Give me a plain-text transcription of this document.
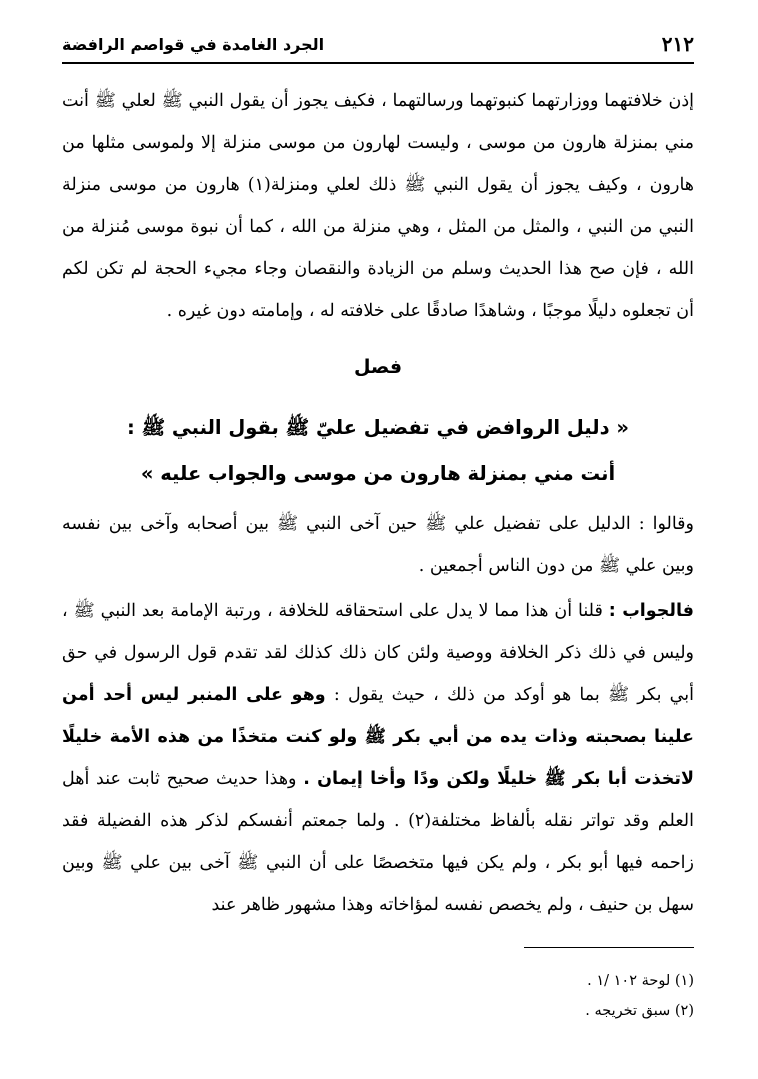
٢١٢
الجرد الغامدة في قواصم الرافضة
إذن خلافتهما ووزارتهما كنبوتهما ورسالتهما ، فكيف يجوز أن يقول النبي ﷺ لعلي ﷺ أنت مني بمنزلة هارون من موسى ، وليست لهارون من موسى منزلة إلا ولموسى مثلها من هارون ، وكيف يجوز أن يقول النبي ﷺ ذلك لعلي ومنزلة(١) هارون من موسى منزلة النبي من النبي ، والمثل من المثل ، وهي منزلة من الله ، كما أن نبوة موسى مُنزلة من الله ، فإن صح هذا الحديث وسلم من الزيادة والنقصان وجاء مجيء الحجة لم تكن لكم أن تجعلوه دليلًا موجبًا ، وشاهدًا صادقًا على خلافته له ، وإمامته دون غيره .
فصل
« دليل الروافض في تفضيل عليّ ﷺ بقول النبي ﷺ :
أنت مني بمنزلة هارون من موسى والجواب عليه »
وقالوا : الدليل على تفضيل علي ﷺ حين آخى النبي ﷺ بين أصحابه وآخى بين نفسه وبين علي ﷺ من دون الناس أجمعين .
فالجواب : قلنا أن هذا مما لا يدل على استحقاقه للخلافة ، ورتبة الإمامة بعد النبي ﷺ ، وليس في ذلك ذكر الخلافة ووصية ولئن كان ذلك كذلك لقد تقدم قول الرسول في حق أبي بكر ﷺ بما هو أوكد من ذلك ، حيث يقول : وهو على المنبر ليس أحد أمن علينا بصحبته وذات يده من أبي بكر ﷺ ولو كنت متخذًا من هذه الأمة خليلًا لاتخذت أبا بكر ﷺ خليلًا ولكن ودًا وأخا إيمان . وهذا حديث صحيح ثابت عند أهل العلم وقد تواتر نقله بألفاظ مختلفة(٢) . ولما جمعتم أنفسكم لذكر هذه الفضيلة فقد زاحمه فيها أبو بكر ، ولم يكن فيها متخصصًا على أن النبي ﷺ آخى بين علي ﷺ وبين سهل بن حنيف ، ولم يخصص نفسه لمؤاخاته وهذا مشهور ظاهر عند
(١) لوحة ١٠٢ /١ .
(٢) سبق تخريجه .
